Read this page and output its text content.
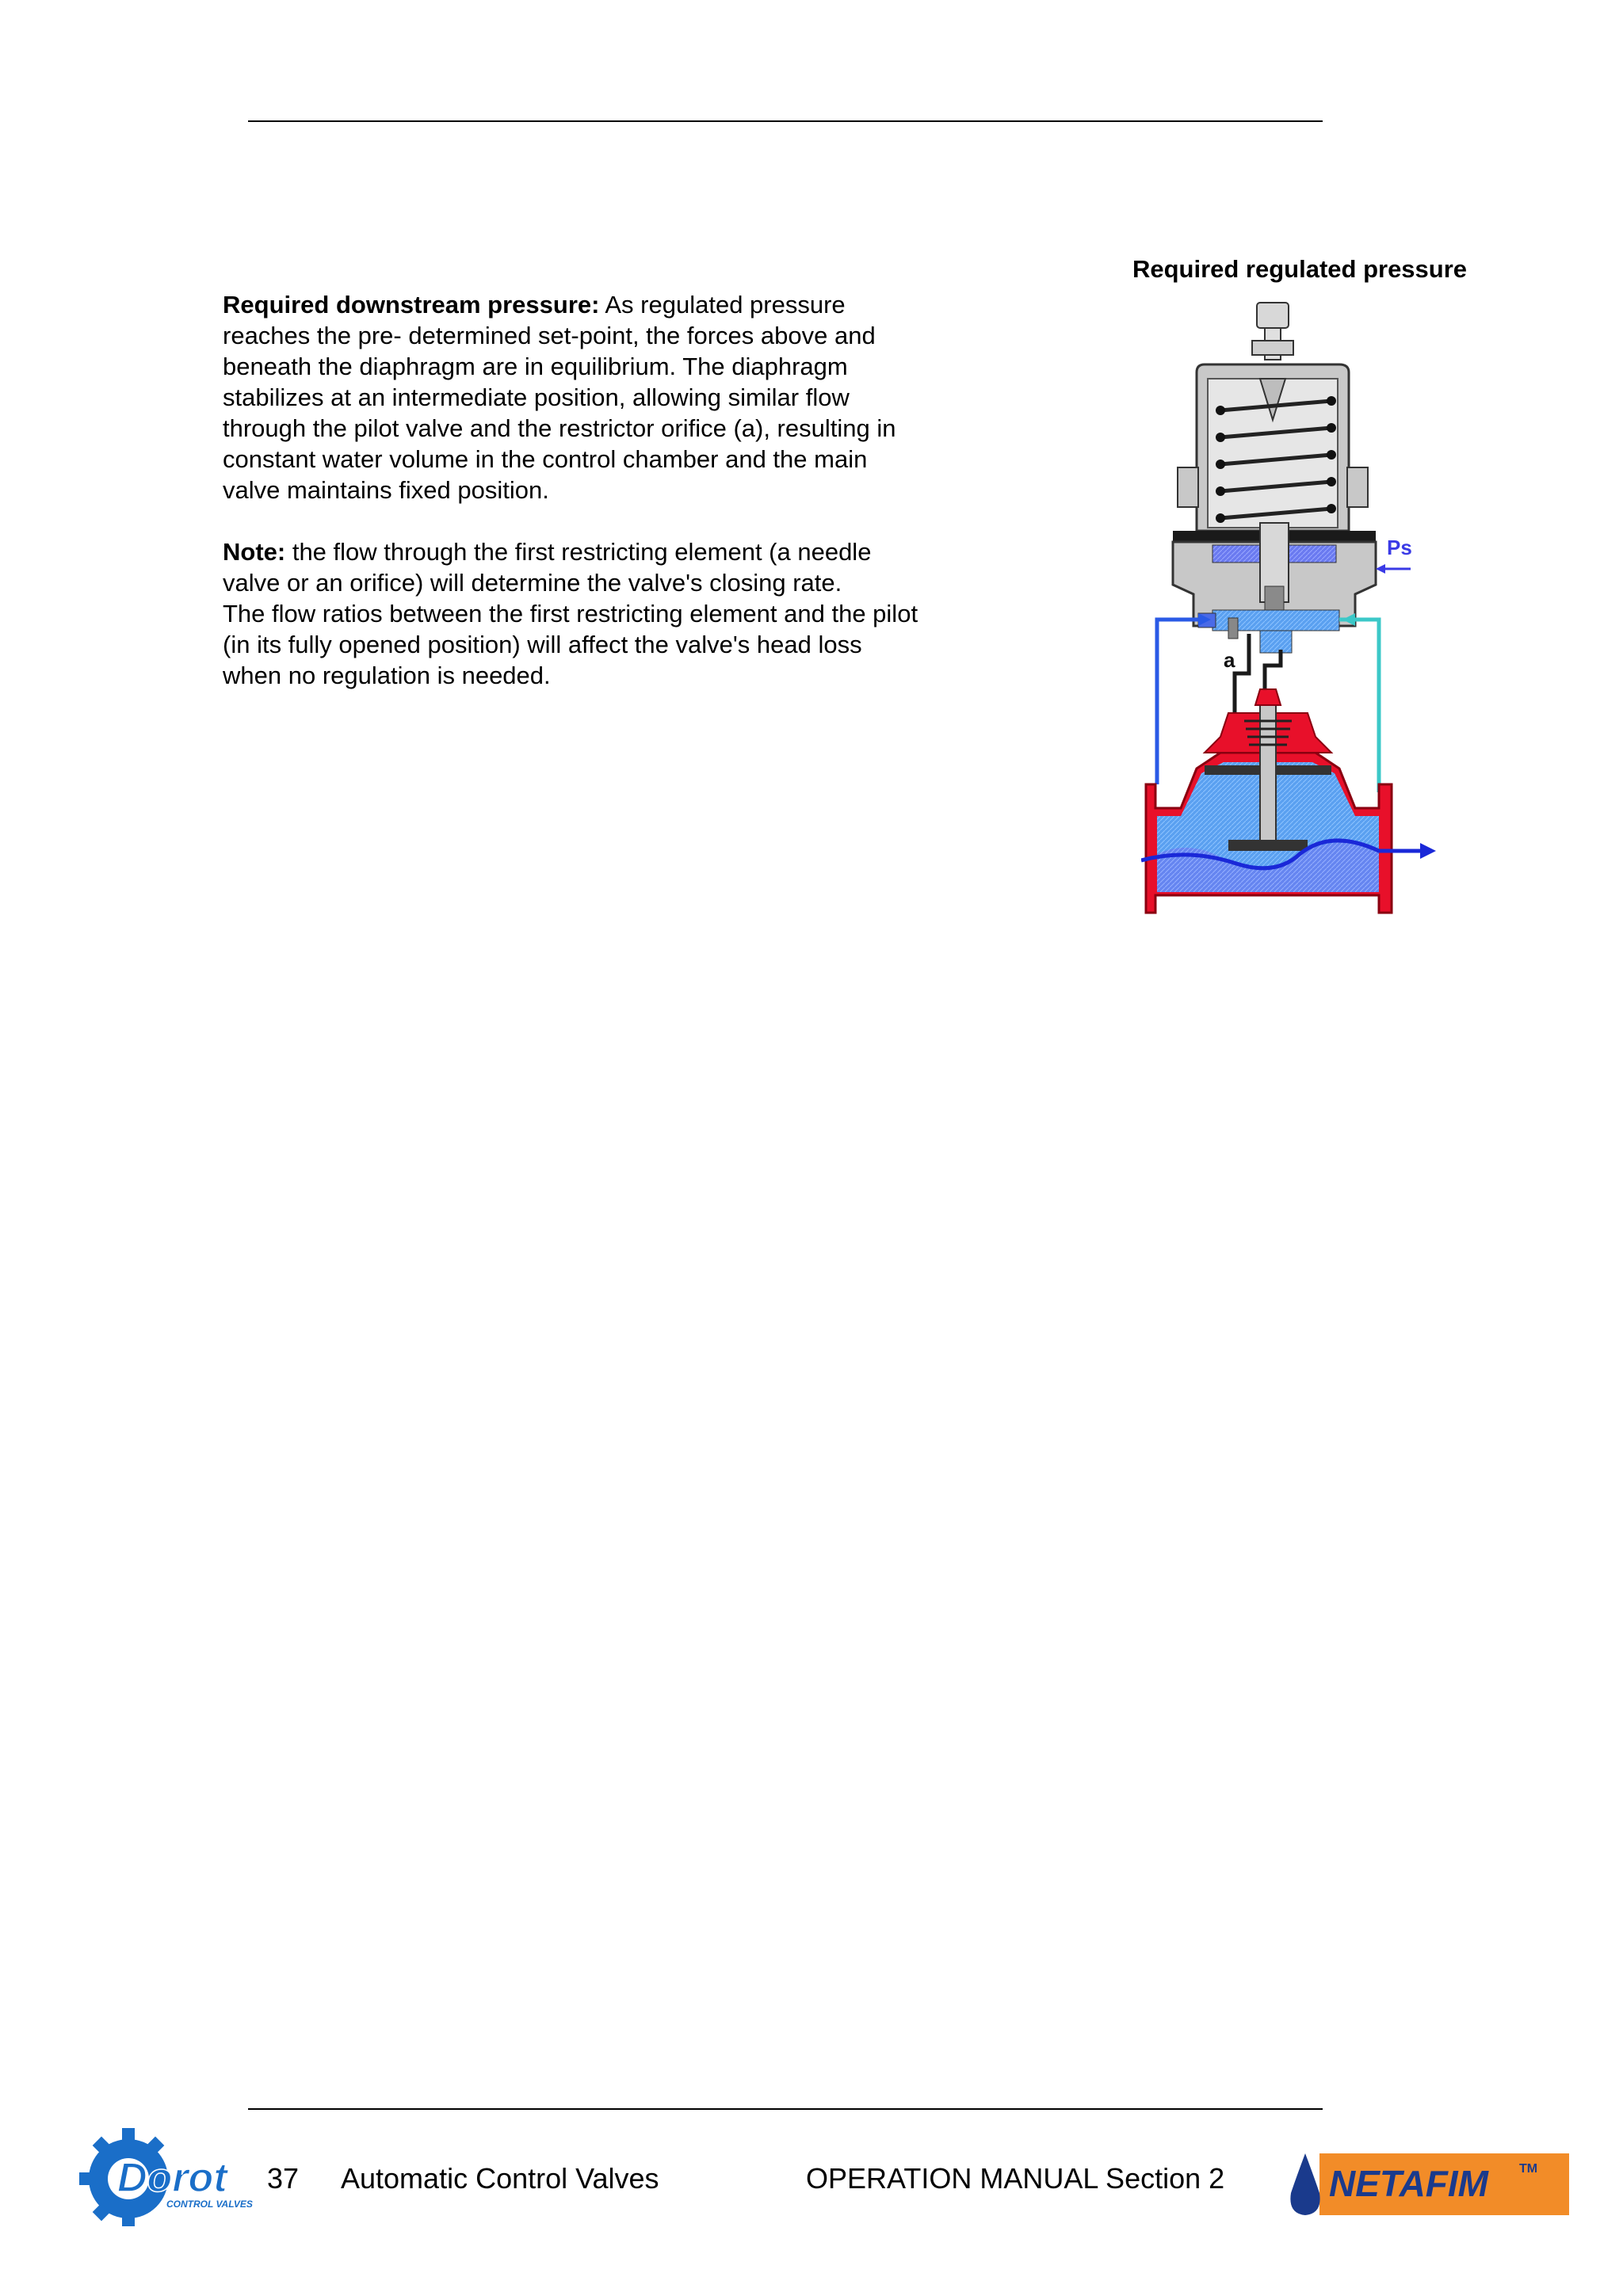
Required regulated pressure

Required downstream pressure: As regulated pressure reaches the pre- determined set-point, the forces above and beneath the diaphragm are in equilibrium. The diaphragm stabilizes at an intermediate position, allowing similar flow through the pilot valve and the restrictor orifice (a), resulting in constant water volume in the control chamber and the main valve maintains fixed position.

Note: the flow through the first restricting element (a needle valve or an orifice) will determine the valve's closing rate.

The flow ratios between the first restricting element and the pilot (in its fully opened position) will affect the valve's head loss when no regulation is needed.

Ps
a
Dorot
CONTROL VALVES
37 Automatic Control Valves	OPERATION MANUAL Section 2	NETAFIM TM
